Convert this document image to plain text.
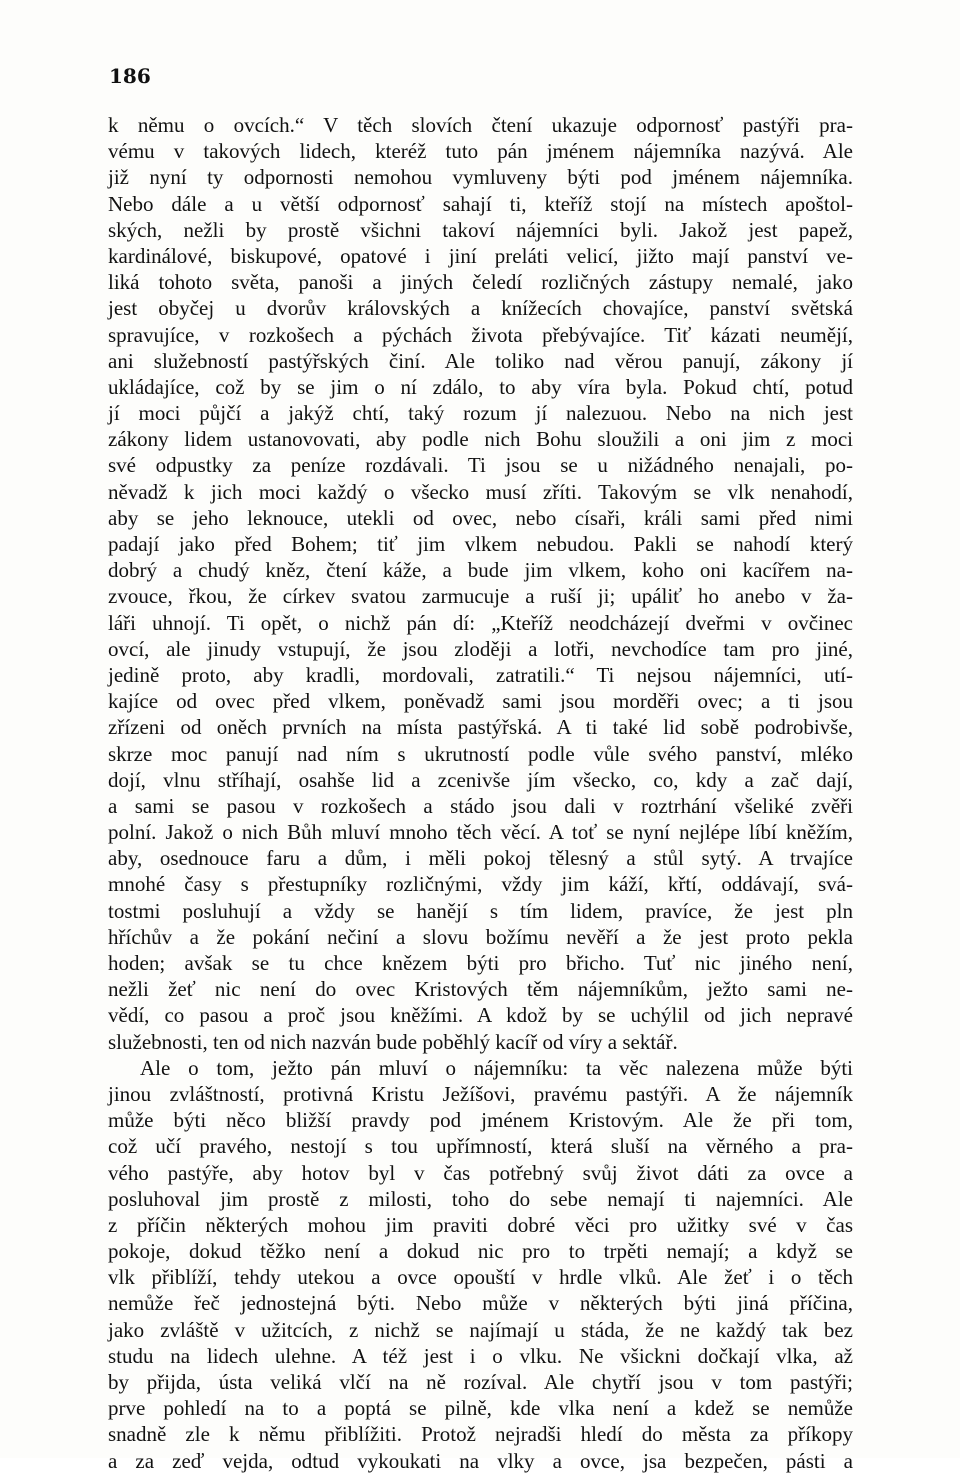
186
k němu o ovcích.“ V těch slovích čtení ukazuje odpornosť pastýři pra-
vému v takových lidech, kteréž tuto pán jménem nájemníka nazývá. Ale
již nyní ty odpornosti nemohou vymluveny býti pod jménem nájemníka.
Nebo dále a u větší odpornosť sahají ti, kteříž stojí na místech apoštol-
ských, nežli by prostě všichni takoví nájemníci byli. Jakož jest papež,
kardinálové, biskupové, opatové i jiní preláti velicí, jižto mají panství ve-
liká tohoto světa, panoši a jiných čeledí rozličných zástupy nemalé, jako
jest obyčej u dvorův královských a knížecích chovajíce, panství světská
spravujíce, v rozkošech a pýchách života přebývajíce. Tiť kázati neumějí,
ani služebností pastýřských činí. Ale toliko nad věrou panují, zákony jí
ukládajíce, což by se jim o ní zdálo, to aby víra byla. Pokud chtí, potud
jí moci půjčí a jakýž chtí, taký rozum jí nalezuou. Nebo na nich jest
zákony lidem ustanovovati, aby podle nich Bohu sloužili a oni jim z moci
své odpustky za peníze rozdávali. Ti jsou se u nižádného nenajali, po-
něvadž k jich moci každý o všecko musí zříti. Takovým se vlk nenahodí,
aby se jeho leknouce, utekli od ovec, nebo císaři, králi sami před nimi
padají jako před Bohem; tiť jim vlkem nebudou. Pakli se nahodí který
dobrý a chudý kněz, čtení káže, a bude jim vlkem, koho oni kacířem na-
zvouce, řkou, že církev svatou zarmucuje a ruší ji; upáliť ho anebo v ža-
láři uhnojí. Ti opět, o nichž pán dí: „Kteříž neodcházejí dveřmi v ovčinec
ovcí, ale jinudy vstupují, že jsou zloději a lotři, nevchodíce tam pro jiné,
jedině proto, aby kradli, mordovali, zatratili.“ Ti nejsou nájemníci, utí-
kajíce od ovec před vlkem, poněvadž sami jsou morděři ovec; a ti jsou
zřízeni od oněch prvních na místa pastýřská. A ti také lid sobě podrobivše,
skrze moc panují nad ním s ukrutností podle vůle svého panství, mléko
dojí, vlnu stříhají, osahše lid a zcenivše jím všecko, co, kdy a zač dají,
a sami se pasou v rozkošech a stádo jsou dali v roztrhání všeliké zvěři
polní. Jakož o nich Bůh mluví mnoho těch věcí. A toť se nyní nejlépe líbí kněžím,
aby, osednouce faru a dům, i měli pokoj tělesný a stůl sytý. A trvajíce
mnohé časy s přestupníky rozličnými, vždy jim káží, křtí, oddávají, svá-
tostmi posluhují a vždy se hanějí s tím lidem, pravíce, že jest pln
hříchův a že pokání nečiní a slovu božímu nevěří a že jest proto pekla
hoden; avšak se tu chce knězem býti pro břicho. Tuť nic jiného není,
nežli žeť nic není do ovec Kristových těm nájemníkům, ježto sami ne-
vědí, co pasou a proč jsou kněžími. A kdož by se uchýlil od jich nepravé
služebnosti, ten od nich nazván bude poběhlý kacíř od víry a sektář.
Ale o tom, ježto pán mluví o nájemníku: ta věc nalezena může býti
jinou zvláštností, protivná Kristu Ježíšovi, pravému pastýři. A že nájemník
může býti něco bližší pravdy pod jménem Kristovým. Ale že při tom,
což učí pravého, nestojí s tou upřímností, která sluší na věrného a pra-
vého pastýře, aby hotov byl v čas potřebný svůj život dáti za ovce a
posluhoval jim prostě z milosti, toho do sebe nemají ti najemníci. Ale
z příčin některých mohou jim praviti dobré věci pro užitky své v čas
pokoje, dokud těžko není a dokud nic pro to trpěti nemají; a když se
vlk přiblíží, tehdy utekou a ovce opouští v hrdle vlků. Ale žeť i o těch
nemůže řeč jednostejná býti. Nebo může v některých býti jiná příčina,
jako zvláště v užitcích, z nichž se najímají u stáda, že ne každý tak bez
studu na lidech ulehne. A též jest i o vlku. Ne všickni dočkají vlka, až
by přijda, ústa veliká vlčí na ně rozíval. Ale chytří jsou v tom pastýři;
prve pohledí na to a poptá se pilně, kde vlka není a kdež se nemůže
snadně zle k němu přiblížiti. Protož nejradši hledí do města za příkopy
a za zeď vejda, odtud vykoukati na vlky a ovce, jsa bezpečen, pásti a
